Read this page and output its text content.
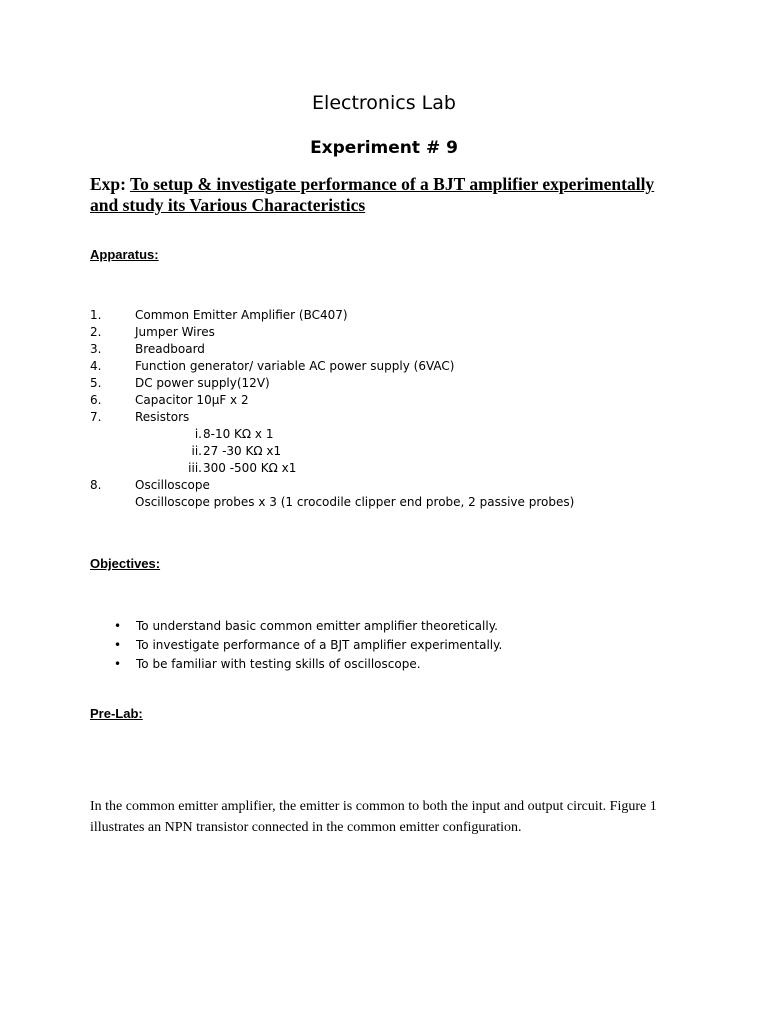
Electronics Lab
Experiment # 9
Exp: To setup & investigate performance of a BJT amplifier experimentally
and study its Various Characteristics
Apparatus:
1.	Common Emitter Amplifier (BC407)
2.	Jumper Wires
3.	Breadboard
4.	Function generator/ variable AC power supply (6VAC)
5.	DC power supply(12V)
6.	Capacitor 10µF x 2
7.	Resistors
i. 8-10 KΩ x 1
ii. 27 -30 KΩ x1
iii. 300 -500 KΩ x1
8.	Oscilloscope
Oscilloscope probes x 3 (1 crocodile clipper end probe, 2 passive probes)
Objectives:
• To understand basic common emitter amplifier theoretically.
• To investigate performance of a BJT amplifier experimentally.
• To be familiar with testing skills of oscilloscope.
Pre-Lab:
In the common emitter amplifier, the emitter is common to both the input and output circuit. Figure 1 illustrates an NPN transistor connected in the common emitter configuration.
